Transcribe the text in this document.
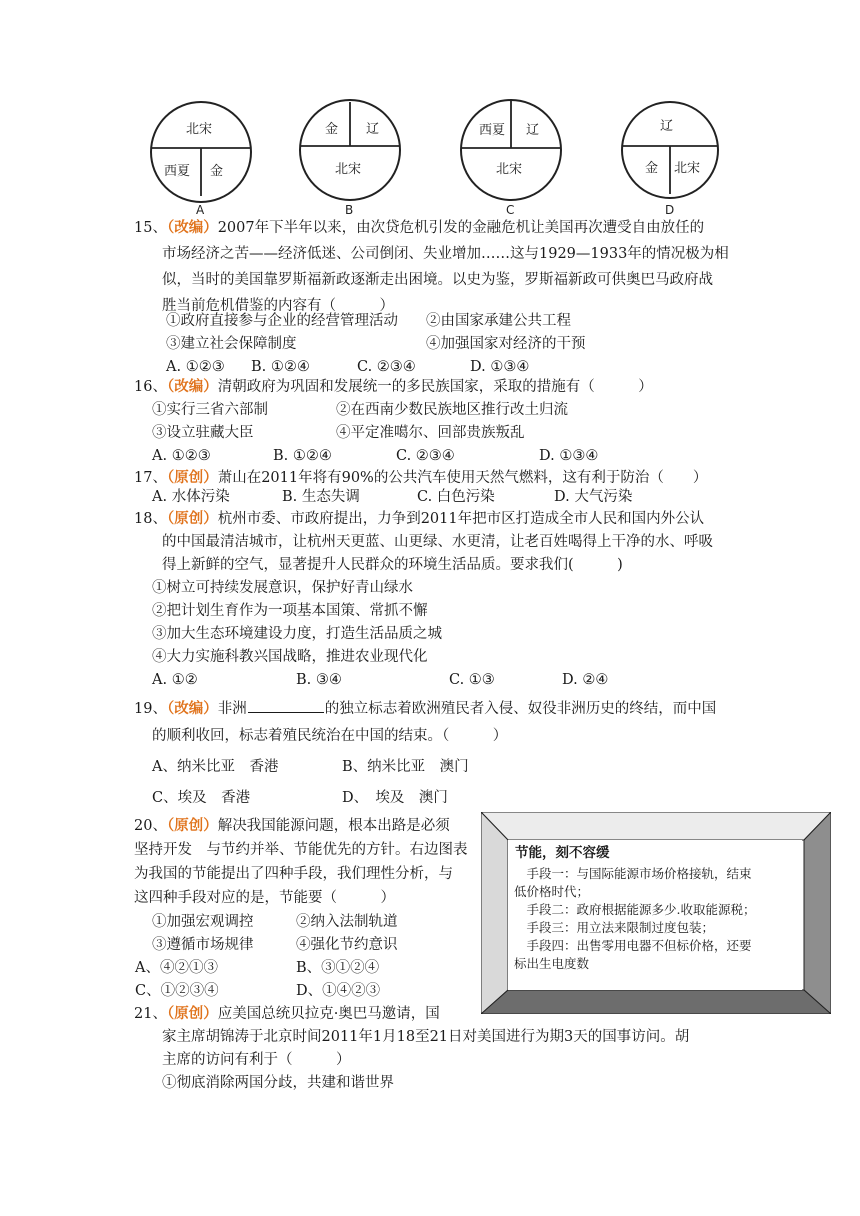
北宋
西夏 金
A
金 辽
北宋
B
西夏 辽
北宋
C
辽
金 北宋
D
15、（改编）2007年下半年以来，由次贷危机引发的金融危机让美国再次遭受自由放任的
市场经济之苦——经济低迷、公司倒闭、失业增加……这与1929—1933年的情况极为相
似，当时的美国靠罗斯福新政逐渐走出困境。以史为鉴，罗斯福新政可供奥巴马政府战
胜当前危机借鉴的内容有（　　　）
①政府直接参与企业的经营管理活动 ②由国家承建公共工程
③建立社会保障制度	④加强国家对经济的干预
A. ①②③ B. ①②④	C. ②③④	D. ①③④
16、（改编）清朝政府为巩固和发展统一的多民族国家，采取的措施有（　　　）
①实行三省六部制	②在西南少数民族地区推行改土归流
③设立驻藏大臣	④平定准噶尔、回部贵族叛乱
A. ①②③	B. ①②④	C. ②③④	D. ①③④
17、（原创）萧山在2011年将有90%的公共汽车使用天然气燃料，这有利于防治（　　）
A. 水体污染	B. 生态失调	C. 白色污染	D. 大气污染
18、（原创）杭州市委、市政府提出，力争到2011年把市区打造成全市人民和国内外公认
的中国最清洁城市，让杭州天更蓝、山更绿、水更清，让老百姓喝得上干净的水、呼吸
得上新鲜的空气，显著提升人民群众的环境生活品质。要求我们(　　　)
①树立可持续发展意识，保护好青山绿水
②把计划生育作为一项基本国策、常抓不懈
③加大生态环境建设力度，打造生活品质之城
④大力实施科教兴国战略，推进农业现代化
A. ①②	B. ③④	C. ①③	D. ②④
19、（改编）非洲	的独立标志着欧洲殖民者入侵、奴役非洲历史的终结，而中国
的顺利收回，标志着殖民统治在中国的结束。（　　　）
A、纳米比亚　香港	B、纳米比亚　澳门
C、埃及　香港	D、　埃及　澳门
20、（原创）解决我国能源问题，根本出路是必须
坚持开发　与节约并举、节能优先的方针。右边图表
为我国的节能提出了四种手段，我们理性分析，与
这四种手段对应的是，节能要（　　　）
①加强宏观调控	②纳入法制轨道
③遵循市场规律	④强化节约意识
A、④②①③	B、③①②④
C、①②③④	D、①④②③
节能，刻不容缓
　手段一：与国际能源市场价格接轨，结束
低价格时代；
　手段二：政府根据能源多少.收取能源税；
　手段三：用立法来限制过度包装；
　手段四：出售零用电器不但标价格，还要
标出生电度数
21、（原创）应美国总统贝拉克·奥巴马邀请，国
家主席胡锦涛于北京时间2011年1月18至21日对美国进行为期3天的国事访问。胡
主席的访问有利于（　　　）
①彻底消除两国分歧，共建和谐世界
